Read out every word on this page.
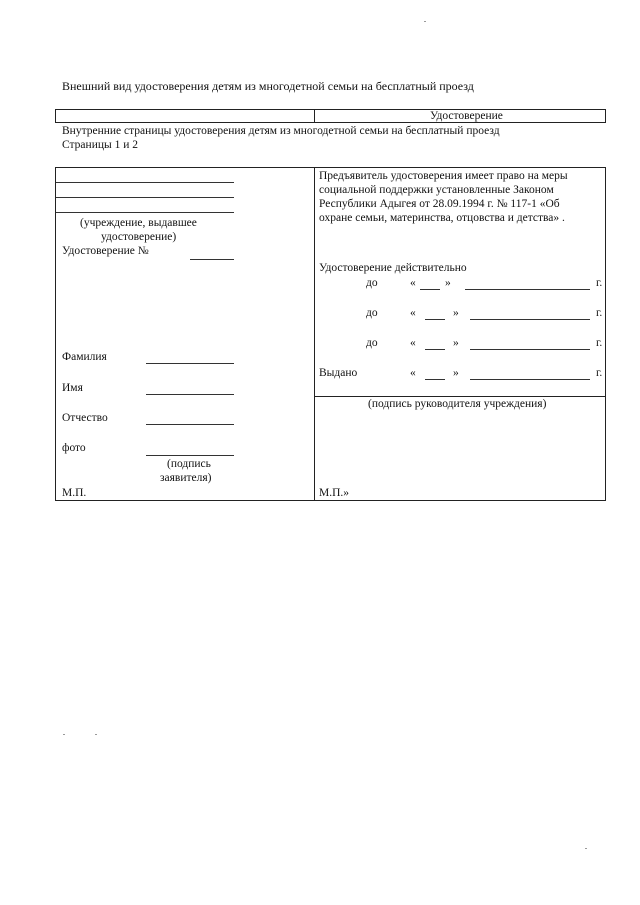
Внешний вид удостоверения детям из многодетной семьи на бесплатный проезд
Удостоверение
Внутренние страницы удостоверения детям из многодетной семьи на бесплатный проезд
Страницы 1 и 2
(учреждение, выдавшее
удостоверение)
Удостоверение №
Фамилия
Имя
Отчество
фото
(подпись
заявителя)
М.П.
Предъявитель удостоверения имеет право на меры
социальной поддержки установленные Законом
Республики Адыгея от 28.09.1994 г. № 117-1 «Об
охране семьи, материнства, отцовства и детства» .
Удостоверение действительно
до	«	»	г.
до	«	»	г.
до	«	»	г.
Выдано	«	»	г.
(подпись руководителя учреждения)
М.П.»
